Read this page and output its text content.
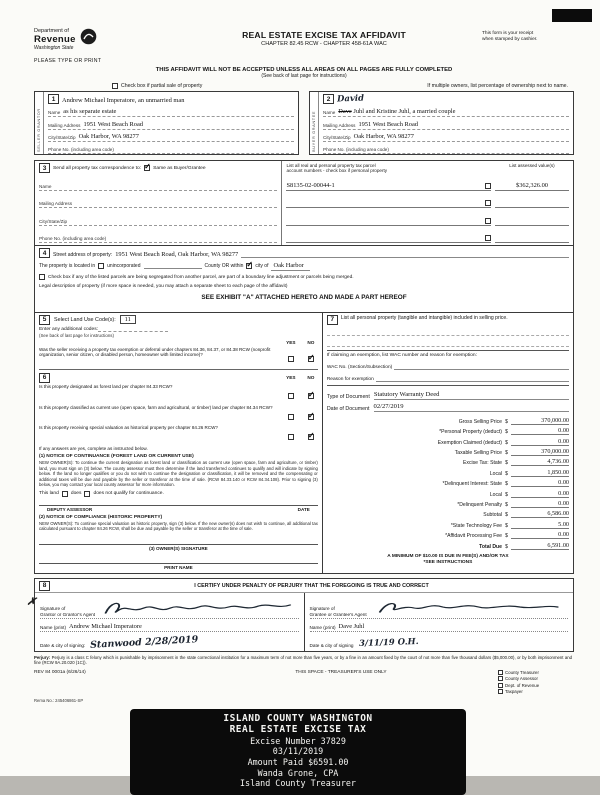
Department of
Revenue
Washington State
PLEASE TYPE OR PRINT
REAL ESTATE EXCISE TAX AFFIDAVIT
CHAPTER 82.45 RCW - CHAPTER 458-61A WAC
This form is your receipt
when stamped by cashier.
THIS AFFIDAVIT WILL NOT BE ACCEPTED UNLESS ALL AREAS ON ALL PAGES ARE FULLY COMPLETED
(See back of last page for instructions)
Check box if partial sale of property	If multiple owners, list percentage of ownership next to name.
SELLER GRANTOR
1	Andrew Michael Imperatore, an unmarried man
Name as his separate estate
Mailing Address 1951 West Beach Road
City/State/Zip Oak Harbor, WA 98277
Phone No. (including area code)	BUYER GRANTEE
2 David
Name Dave Juhl and Kristine Juhl, a married couple
Mailing Address 1951 West Beach Road
City/State/Zip Oak Harbor, WA 98277
Phone No. (including area code)
3	Send all property tax correspondence to: ✓ Same as Buyer/Grantee
Name
Mailing Address
City/State/Zip
Phone No. (including area code)
List all real and personal property tax parcel
account numbers - check box if personal property
List assessed value(s)
S8135-02-00044-1	$362,326.00
4	Street address of property: 1951 West Beach Road, Oak Harbor, WA 98277
The property is located in unincorporated	County OR within ✓ city of Oak Harbor
Check box if any of the listed parcels are being segregated from another parcel, are part of a boundary line adjustment or parcels being merged.
Legal description of property (if more space is needed, you may attach a separate sheet to each page of the affidavit)
SEE EXHIBIT "A" ATTACHED HERETO AND MADE A PART HEREOF
5	Select Land Use Code(s):	11
Enter any additional codes:
(See back of last page for instructions)
YES	NO
Was the seller receiving a property tax exemption or deferral under chapters 84.36, 84.37, or 84.38 RCW (nonprofit organization, senior citizen, or disabled person, homeowner with limited income)?
✓
6	YES	NO
Is this property designated as forest land per chapter 84.33 RCW?
✓
Is this property classified as current use (open space, farm and agricultural, or timber) land per chapter 84.34 RCW?
✓
Is this property receiving special valuation as historical property per chapter 84.26 RCW?
✓
If any answers are yes, complete as instructed below.
(1) NOTICE OF CONTINUANCE (FOREST LAND OR CURRENT USE)
NEW OWNER(S): To continue the current designation as forest land or classification as current use (open space, farm and agriculture, or timber) land, you must sign on (3) below. The county assessor must then determine if the land transferred continues to qualify and will indicate by signing below. If the land no longer qualifies or you do not wish to continue the designation or classification, it will be removed and the compensating or additional taxes will be due and payable by the seller or transferor at the time of sale. (RCW 84.33.140 or RCW 84.34.108). Prior to signing (3) below, you may contact your local county assessor for more information.
This land does does not qualify for continuance.
DEPUTY ASSESSOR	DATE
(2) NOTICE OF COMPLIANCE (HISTORIC PROPERTY)
NEW OWNER(S): To continue special valuation as historic property, sign (3) below. If the new owner(s) does not wish to continue, all additional tax calculated pursuant to chapter 84.26 RCW, shall be due and payable by the seller or transferor at the time of sale.
(3) OWNER(S) SIGNATURE
PRINT NAME
7	List all personal property (tangible and intangible) included in selling price.
If claiming an exemption, list WAC number and reason for exemption:
WAC No. (Section/Subsection)
Reason for exemption
Type of Document Statutory Warranty Deed
Date of Document 02/27/2019
Gross Selling Price $	370,000.00
*Personal Property (deduct) $	0.00
Exemption Claimed (deduct) $	0.00
Taxable Selling Price $	370,000.00
Excise Tax: State $	4,736.00
Local $	1,850.00
*Delinquent Interest: State $	0.00
Local $	0.00
*Delinquent Penalty $	0.00
Subtotal $	6,586.00
*State Technology Fee $	5.00
*Affidavit Processing Fee $	0.00
Total Due $	6,591.00
A MINIMUM OF $10.00 IS DUE IN FEE(S) AND/OR TAX
*SEE INSTRUCTIONS
✗
8	I CERTIFY UNDER PENALTY OF PERJURY THAT THE FOREGOING IS TRUE AND CORRECT
Signature of
Grantor or Grantor's Agent
Name (print) Andrew Michael Imperatore
Date & city of signing: Stanwood 2/28/2019
Signature of
Grantee or Grantee's Agent
Name (print) Dave Juhl
Date & city of signing 3/11/19 O.H.
Perjury: Perjury is a class C felony which is punishable by imprisonment in the state correctional institution for a maximum term of not more than five years, or by a fine in an amount fixed by the court of not more than five thousand dollars ($5,000.00), or by both imprisonment and fine (RCW 9A.20.020 (1C)).
REV 84 0001a (6/26/14)	THIS SPACE - TREASURER'S USE ONLY	County Treasurer
County Assessor
Dept. of Revenue
Taxpayer
Rema No.: 245406861-SP
ISLAND COUNTY WASHINGTON
REAL ESTATE EXCISE TAX
Excise Number 37829
03/11/2019
Amount Paid $6591.00
Wanda Grone, CPA
Island County Treasurer
